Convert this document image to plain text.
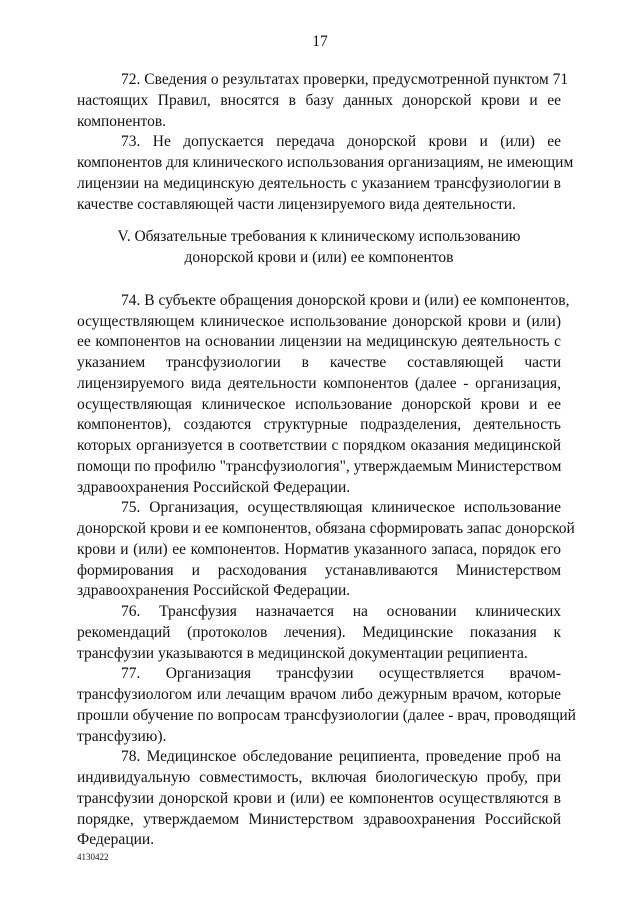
17
72. Сведения о результатах проверки, предусмотренной пунктом 71
настоящих Правил, вносятся в базу данных донорской крови и ее
компонентов.
73. Не допускается передача донорской крови и (или) ее
компонентов для клинического использования организациям, не имеющим
лицензии на медицинскую деятельность с указанием трансфузиологии в
качестве составляющей части лицензируемого вида деятельности.
V. Обязательные требования к клиническому использованию
донорской крови и (или) ее компонентов
74. В субъекте обращения донорской крови и (или) ее компонентов,
осуществляющем клиническое использование донорской крови и (или)
ее компонентов на основании лицензии на медицинскую деятельность с
указанием трансфузиологии в качестве составляющей части
лицензируемого вида деятельности компонентов (далее - организация,
осуществляющая клиническое использование донорской крови и ее
компонентов), создаются структурные подразделения, деятельность
которых организуется в соответствии с порядком оказания медицинской
помощи по профилю "трансфузиология", утверждаемым Министерством
здравоохранения Российской Федерации.
75. Организация, осуществляющая клиническое использование
донорской крови и ее компонентов, обязана сформировать запас донорской
крови и (или) ее компонентов. Норматив указанного запаса, порядок его
формирования и расходования устанавливаются Министерством
здравоохранения Российской Федерации.
76. Трансфузия назначается на основании клинических
рекомендаций (протоколов лечения). Медицинские показания к
трансфузии указываются в медицинской документации реципиента.
77. Организация трансфузии осуществляется врачом-
трансфузиологом или лечащим врачом либо дежурным врачом, которые
прошли обучение по вопросам трансфузиологии (далее - врач, проводящий
трансфузию).
78. Медицинское обследование реципиента, проведение проб на
индивидуальную совместимость, включая биологическую пробу, при
трансфузии донорской крови и (или) ее компонентов осуществляются в
порядке, утверждаемом Министерством здравоохранения Российской
Федерации.
4130422
